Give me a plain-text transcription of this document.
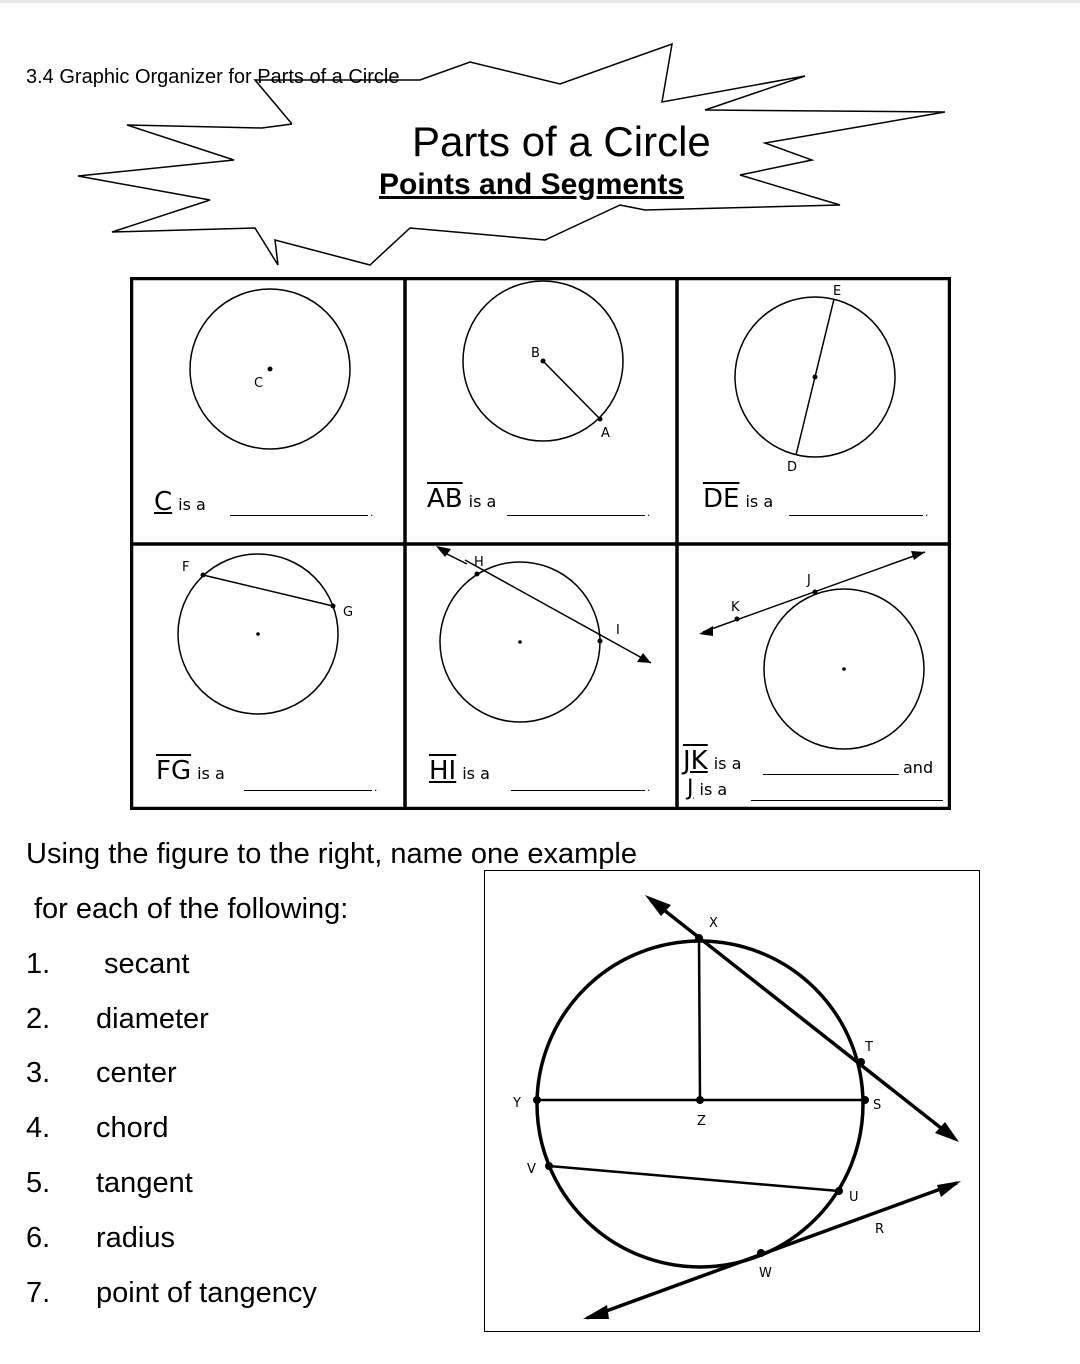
3.4 Graphic Organizer for Parts of a Circle
Parts of a Circle
Points and Segments
C
Cis a	.
B
A
$\overline{AB}$ is a
.
E
D
$\overline{DE}$ is a
.
F
G
$\overline{FG}$ is a
.
H
I
HI is a
.
J
K
JK is a	and
J is a
Using the figure to the right, name one example
for each of the following:
1. secant
2. diameter
3. center
4. chord
5. tangent
6. radius
7. point of tangency
X
T
Y	S
Z
V
U
R
W
